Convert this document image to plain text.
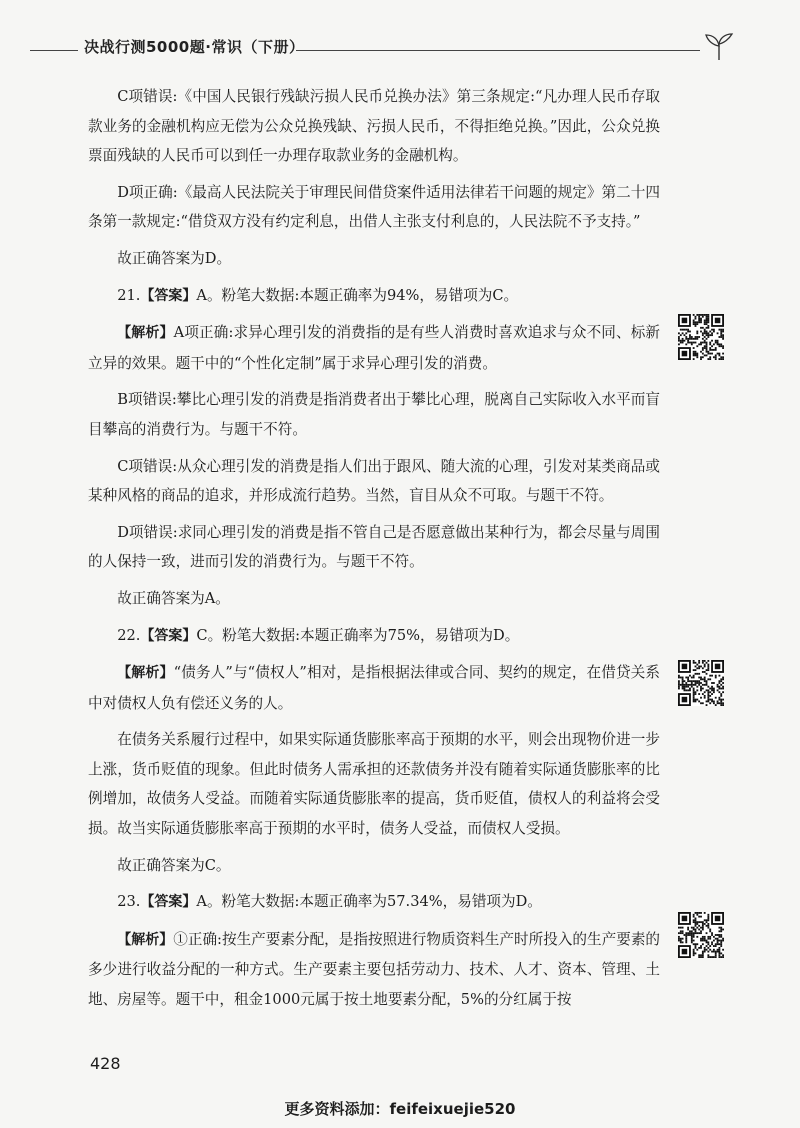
决战行测5000题·常识（下册）

C项错误:《中国人民银行残缺污损人民币兑换办法》第三条规定:“凡办理人民币存取款业务的金融机构应无偿为公众兑换残缺、污损人民币，不得拒绝兑换。”因此，公众兑换票面残缺的人民币可以到任一办理存取款业务的金融机构。

D项正确:《最高人民法院关于审理民间借贷案件适用法律若干问题的规定》第二十四条第一款规定:“借贷双方没有约定利息，出借人主张支付利息的，人民法院不予支持。”

故正确答案为D。

21.【答案】A。粉笔大数据:本题正确率为94%，易错项为C。

【解析】A项正确:求异心理引发的消费指的是有些人消费时喜欢追求与众不同、标新立异的效果。题干中的“个性化定制”属于求异心理引发的消费。

B项错误:攀比心理引发的消费是指消费者出于攀比心理，脱离自己实际收入水平而盲目攀高的消费行为。与题干不符。

C项错误:从众心理引发的消费是指人们出于跟风、随大流的心理，引发对某类商品或某种风格的商品的追求，并形成流行趋势。当然，盲目从众不可取。与题干不符。

D项错误:求同心理引发的消费是指不管自己是否愿意做出某种行为，都会尽量与周围的人保持一致，进而引发的消费行为。与题干不符。

故正确答案为A。

22.【答案】C。粉笔大数据:本题正确率为75%，易错项为D。

【解析】“债务人”与“债权人”相对，是指根据法律或合同、契约的规定，在借贷关系中对债权人负有偿还义务的人。

在债务关系履行过程中，如果实际通货膨胀率高于预期的水平，则会出现物价进一步上涨，货币贬值的现象。但此时债务人需承担的还款债务并没有随着实际通货膨胀率的比例增加，故债务人受益。而随着实际通货膨胀率的提高，货币贬值，债权人的利益将会受损。故当实际通货膨胀率高于预期的水平时，债务人受益，而债权人受损。

故正确答案为C。

23.【答案】A。粉笔大数据:本题正确率为57.34%，易错项为D。

【解析】①正确:按生产要素分配，是指按照进行物质资料生产时所投入的生产要素的多少进行收益分配的一种方式。生产要素主要包括劳动力、技术、人才、资本、管理、土地、房屋等。题干中，租金1000元属于按土地要素分配，5%的分红属于按

428
更多资料添加：feifeixuejie520
